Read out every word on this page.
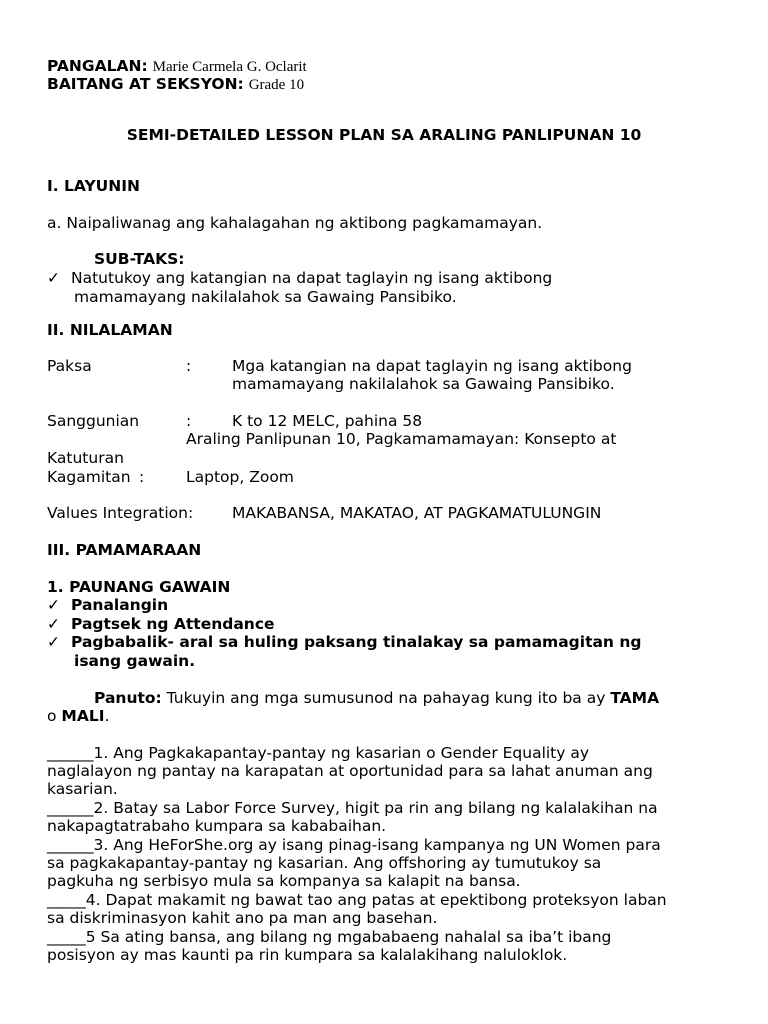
PANGALAN: Marie Carmela G. Oclarit
BAITANG AT SEKSYON: Grade 10
SEMI-DETAILED LESSON PLAN SA ARALING PANLIPUNAN 10
I. LAYUNIN
a. Naipaliwanag ang kahalagahan ng aktibong pagkamamayan.
SUB-TAKS:
✓ Natutukoy ang katangian na dapat taglayin ng isang aktibong
mamamayang nakilalahok sa Gawaing Pansibiko.
II. NILALAMAN
Paksa	:	Mga katangian na dapat taglayin ng isang aktibong
mamamayang nakilalahok sa Gawaing Pansibiko.
Sanggunian	:	K to 12 MELC, pahina 58
Araling Panlipunan 10, Pagkamamamayan: Konsepto at
Katuturan
Kagamitan :	Laptop, Zoom
Values Integration:	MAKABANSA, MAKATAO, AT PAGKAMATULUNGIN
III. PAMAMARAAN
1. PAUNANG GAWAIN
✓ Panalangin
✓ Pagtsek ng Attendance
✓ Pagbabalik- aral sa huling paksang tinalakay sa pamamagitan ng
isang gawain.
Panuto: Tukuyin ang mga sumusunod na pahayag kung ito ba ay TAMA
o MALI.
______1. Ang Pagkakapantay-pantay ng kasarian o Gender Equality ay
naglalayon ng pantay na karapatan at oportunidad para sa lahat anuman ang
kasarian.
______2. Batay sa Labor Force Survey, higit pa rin ang bilang ng kalalakihan na
nakapagtatrabaho kumpara sa kababaihan.
______3. Ang HeForShe.org ay isang pinag-isang kampanya ng UN Women para
sa pagkakapantay-pantay ng kasarian. Ang offshoring ay tumutukoy sa
pagkuha ng serbisyo mula sa kompanya sa kalapit na bansa.
_____4. Dapat makamit ng bawat tao ang patas at epektibong proteksyon laban
sa diskriminasyon kahit ano pa man ang basehan.
_____5 Sa ating bansa, ang bilang ng mgababaeng nahalal sa iba’t ibang
posisyon ay mas kaunti pa rin kumpara sa kalalakihang naluloklok.
